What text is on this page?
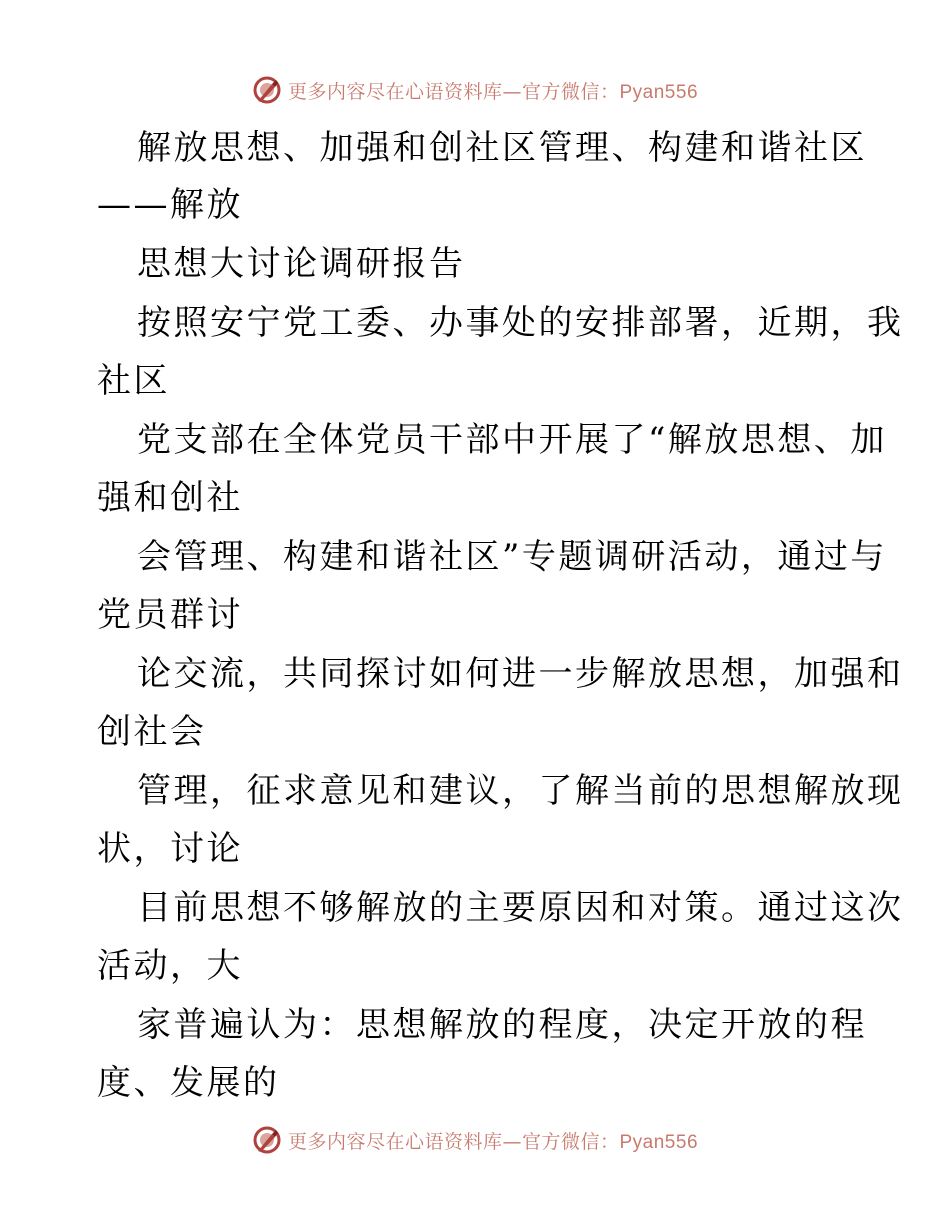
更多内容尽在心语资料库—官方微信：Pyan556
解放思想、加强和创社区管理、构建和谐社区
——解放
思想大讨论调研报告
按照安宁党工委、办事处的安排部署，近期，我
社区
党支部在全体党员干部中开展了“解放思想、加
强和创社
会管理、构建和谐社区”专题调研活动，通过与
党员群讨
论交流，共同探讨如何进一步解放思想，加强和
创社会
管理，征求意见和建议，了解当前的思想解放现
状，讨论
目前思想不够解放的主要原因和对策。通过这次
活动，大
家普遍认为：思想解放的程度，决定开放的程
度、发展的
更多内容尽在心语资料库—官方微信：Pyan556
